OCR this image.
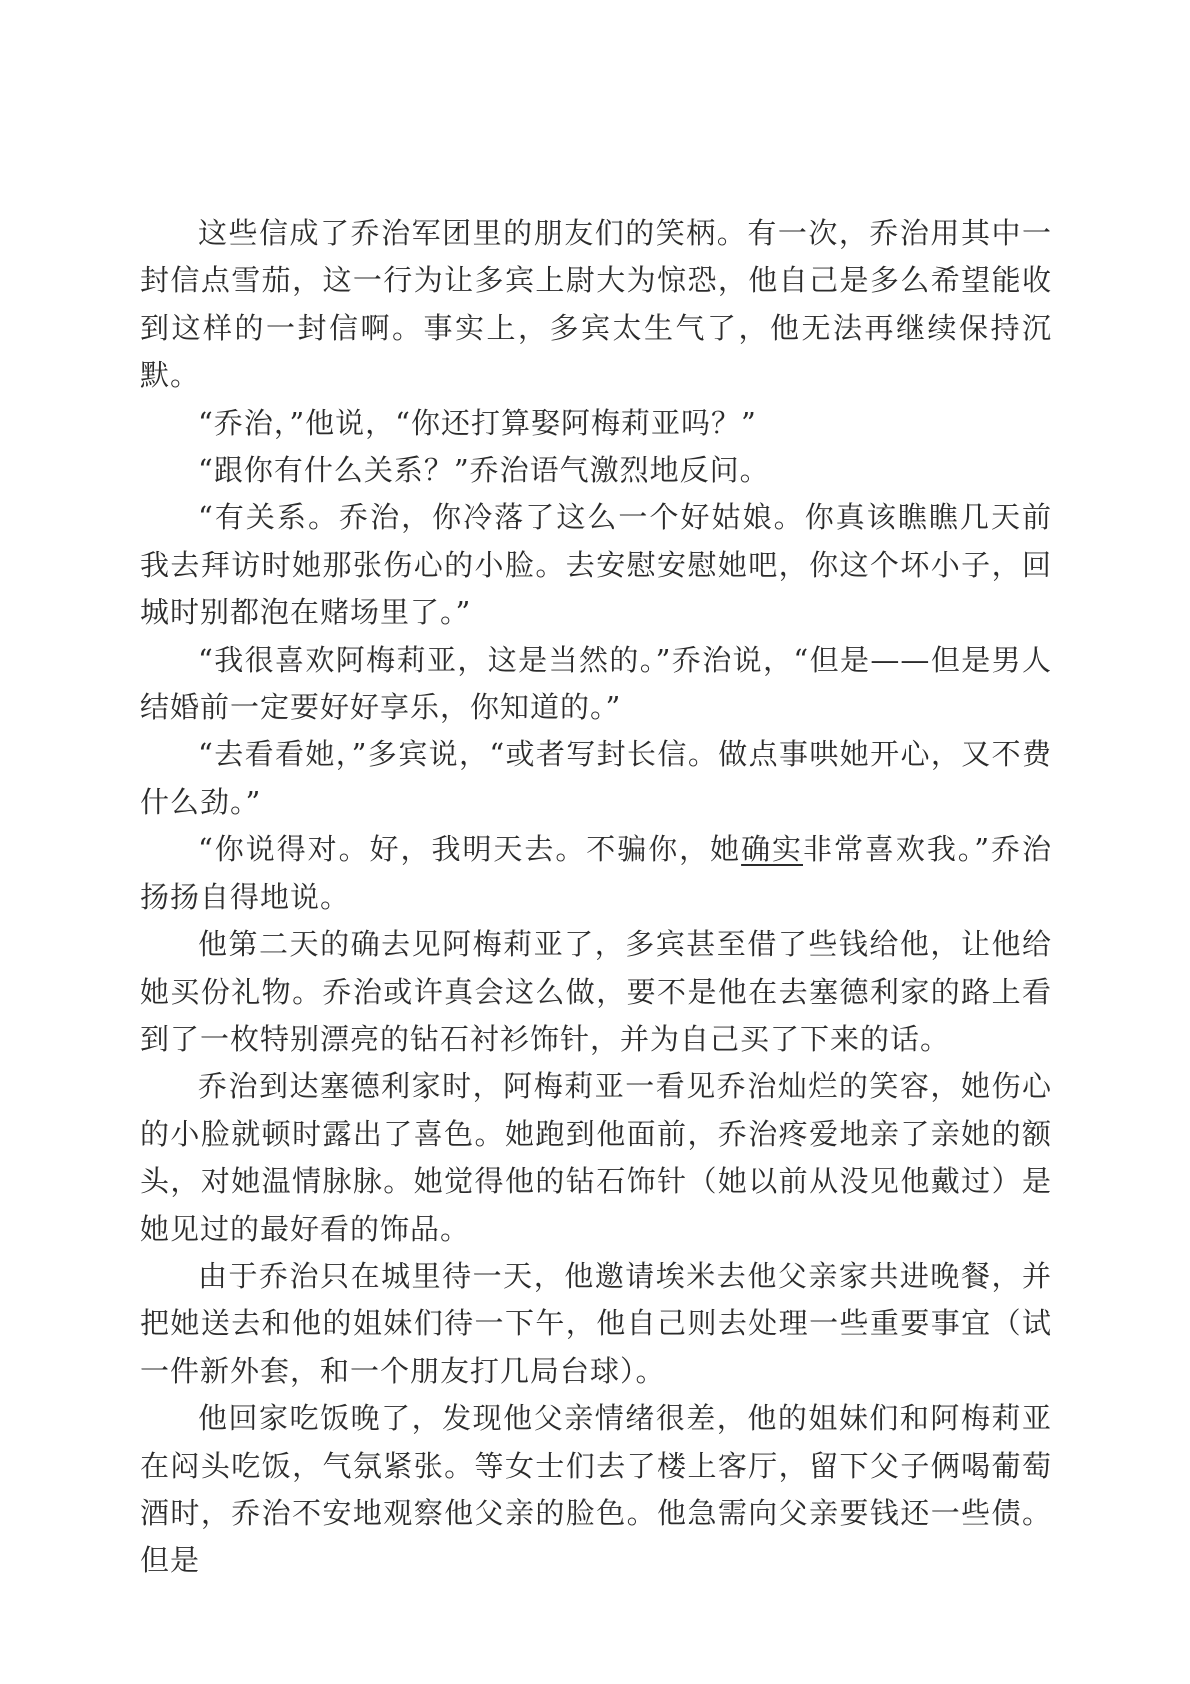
这些信成了乔治军团里的朋友们的笑柄。有一次，乔治用其中一封信点雪茄，这一行为让多宾上尉大为惊恐，他自己是多么希望能收到这样的一封信啊。事实上，多宾太生气了，他无法再继续保持沉默。

“乔治，”他说，“你还打算娶阿梅莉亚吗？”

“跟你有什么关系？”乔治语气激烈地反问。

“有关系。乔治，你冷落了这么一个好姑娘。你真该瞧瞧几天前我去拜访时她那张伤心的小脸。去安慰安慰她吧，你这个坏小子，回城时别都泡在赌场里了。”

“我很喜欢阿梅莉亚，这是当然的。”乔治说，“但是——但是男人结婚前一定要好好享乐，你知道的。”

“去看看她，”多宾说，“或者写封长信。做点事哄她开心，又不费什么劲。”

“你说得对。好，我明天去。不骗你，她确实非常喜欢我。”乔治扬扬自得地说。

他第二天的确去见阿梅莉亚了，多宾甚至借了些钱给他，让他给她买份礼物。乔治或许真会这么做，要不是他在去塞德利家的路上看到了一枚特别漂亮的钻石衬衫饰针，并为自己买了下来的话。

乔治到达塞德利家时，阿梅莉亚一看见乔治灿烂的笑容，她伤心的小脸就顿时露出了喜色。她跑到他面前，乔治疼爱地亲了亲她的额头，对她温情脉脉。她觉得他的钻石饰针（她以前从没见他戴过）是她见过的最好看的饰品。

由于乔治只在城里待一天，他邀请埃米去他父亲家共进晚餐，并把她送去和他的姐妹们待一下午，他自己则去处理一些重要事宜（试一件新外套，和一个朋友打几局台球）。

他回家吃饭晚了，发现他父亲情绪很差，他的姐妹们和阿梅莉亚在闷头吃饭，气氛紧张。等女士们去了楼上客厅，留下父子俩喝葡萄酒时，乔治不安地观察他父亲的脸色。他急需向父亲要钱还一些债。但是
